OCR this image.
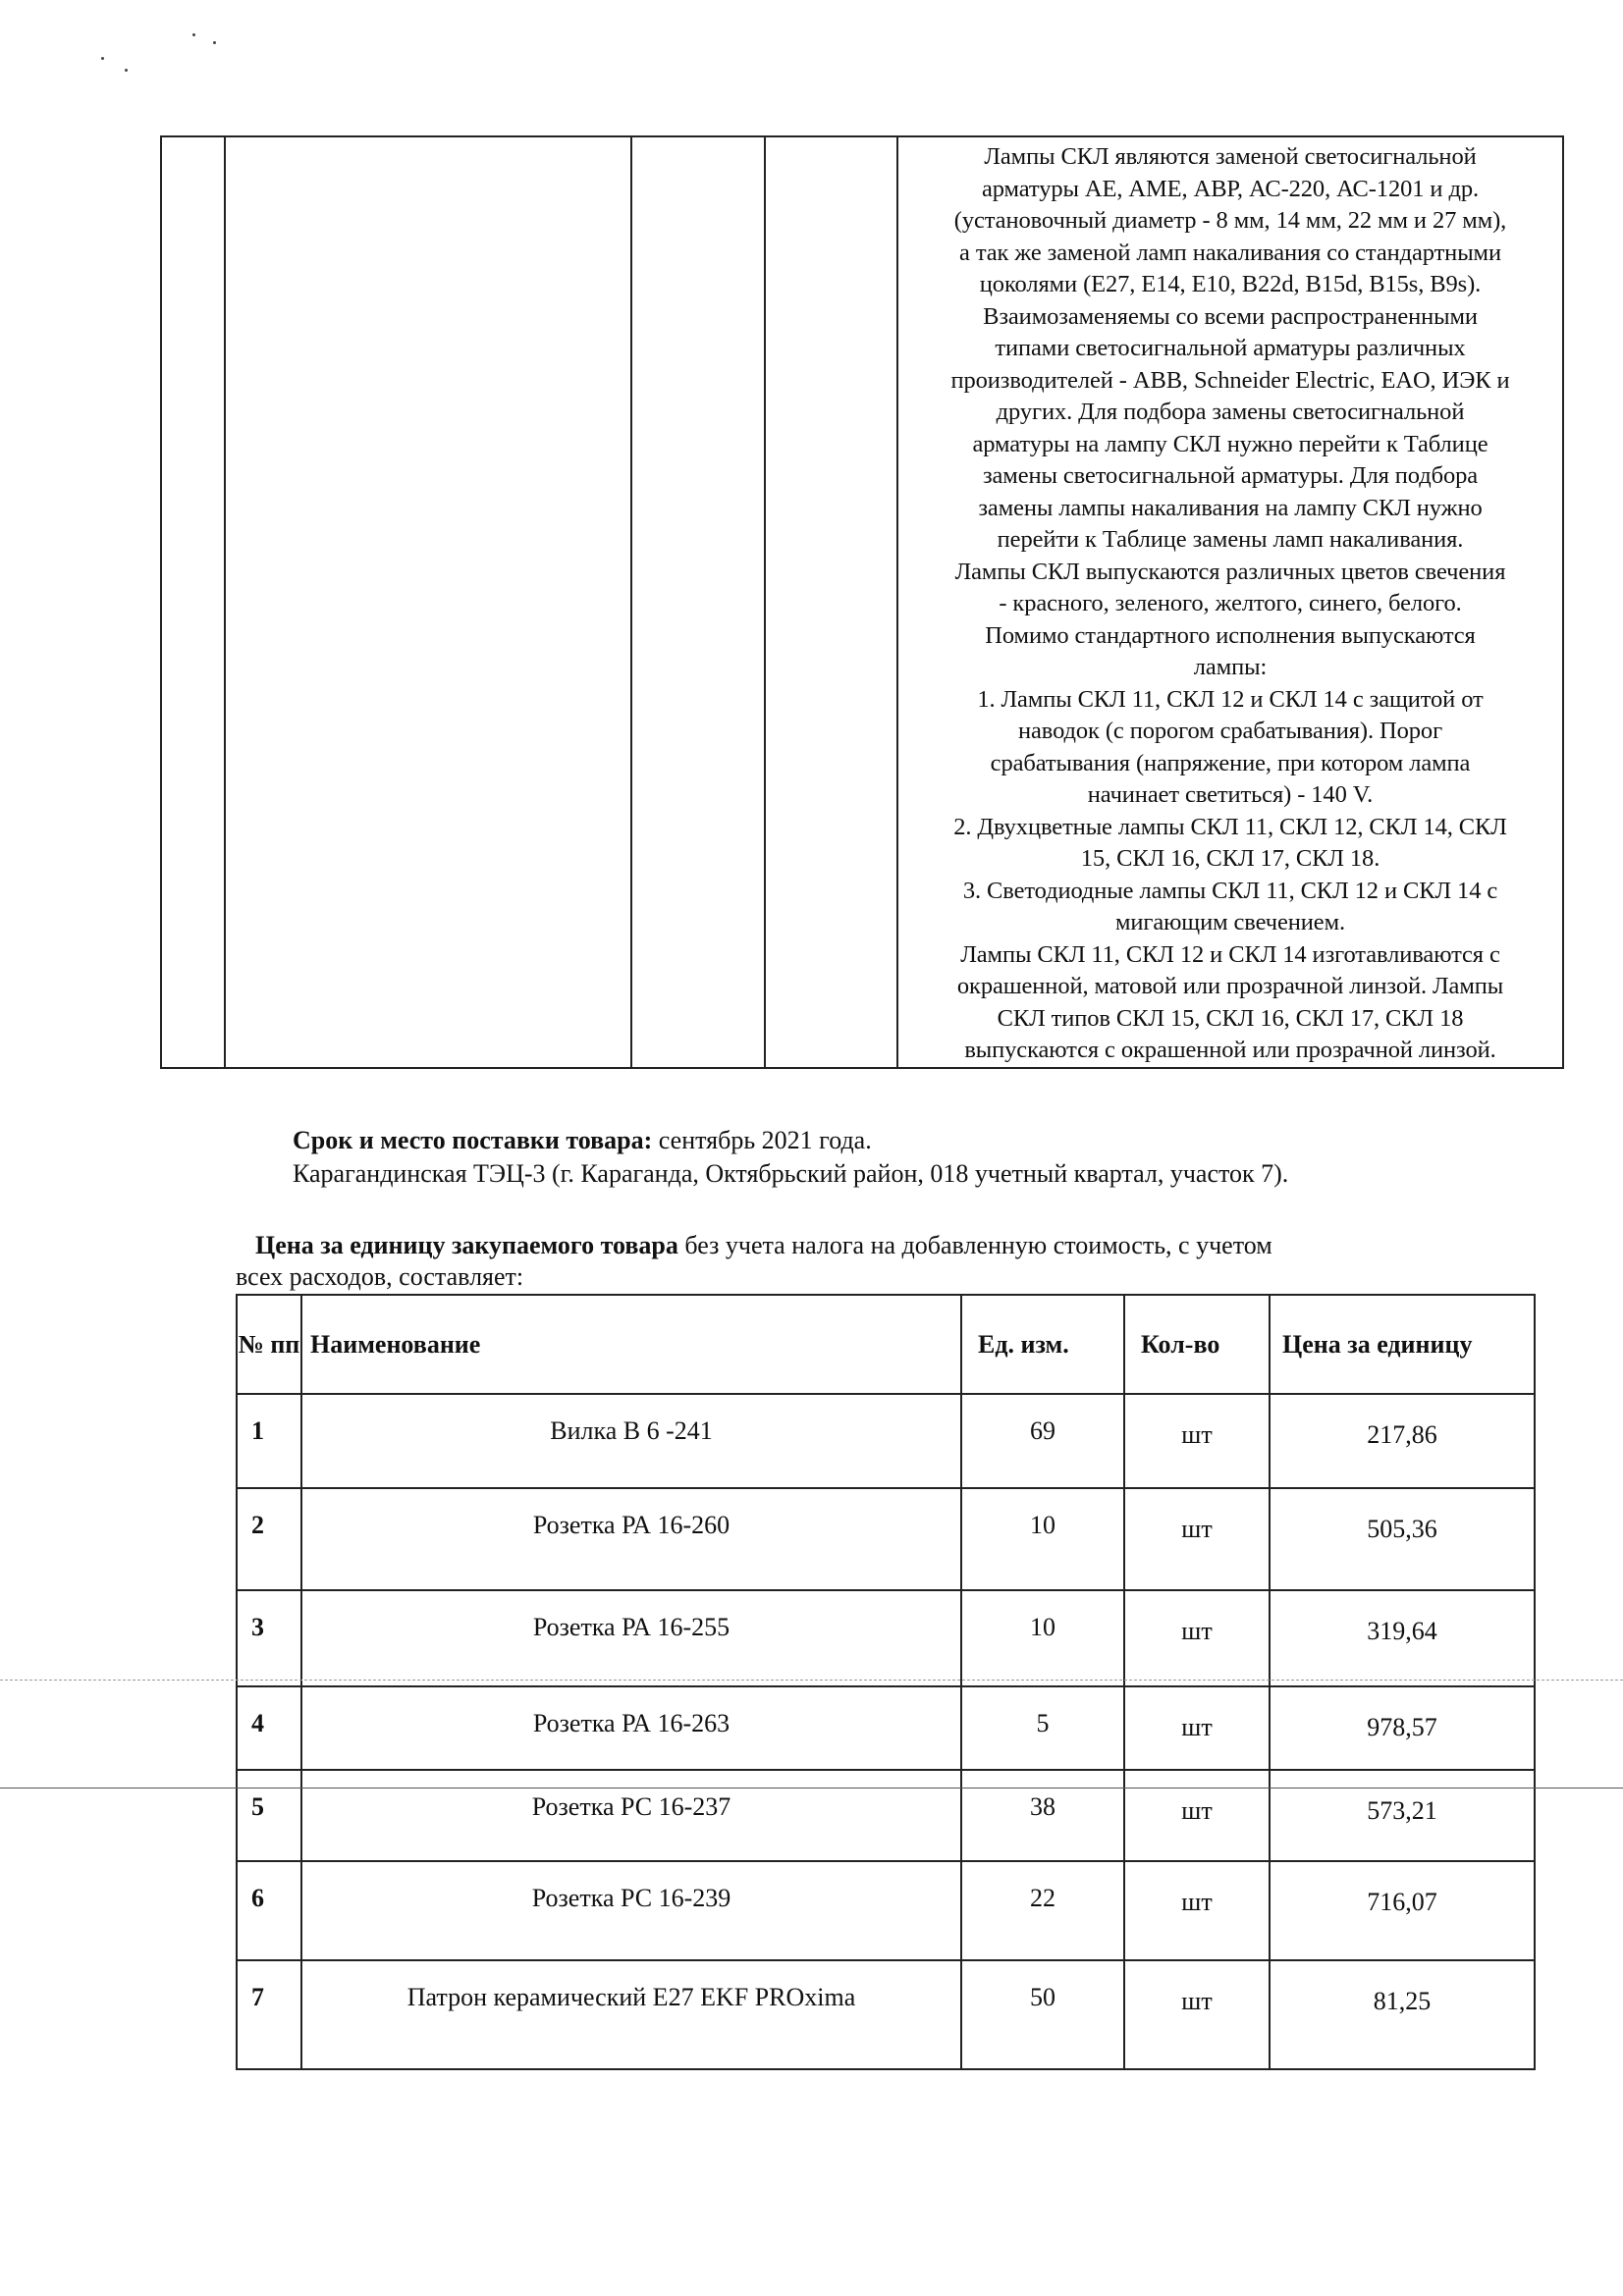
Лампы СКЛ являются заменой светосигнальной
арматуры АЕ, АМЕ, АВР, АС-220, АС-1201 и др.
(установочный диаметр - 8 мм, 14 мм, 22 мм и 27 мм),
а так же заменой ламп накаливания со стандартными
цоколями (E27, E14, E10, B22d, B15d, B15s, B9s).
Взаимозаменяемы со всеми распространенными
типами светосигнальной арматуры различных
производителей - ABB, Schneider Electric, EAO, ИЭК и
других. Для подбора замены светосигнальной
арматуры на лампу СКЛ нужно перейти к Таблице
замены светосигнальной арматуры. Для подбора
замены лампы накаливания на лампу СКЛ нужно
перейти к Таблице замены ламп накаливания.
Лампы СКЛ выпускаются различных цветов свечения
- красного, зеленого, желтого, синего, белого.
Помимо стандартного исполнения выпускаются
лампы:
1. Лампы СКЛ 11, СКЛ 12 и СКЛ 14 с защитой от
наводок (с порогом срабатывания). Порог
срабатывания (напряжение, при котором лампа
начинает светиться) - 140 V.
2. Двухцветные лампы СКЛ 11, СКЛ 12, СКЛ 14, СКЛ
15, СКЛ 16, СКЛ 17, СКЛ 18.
3. Светодиодные лампы СКЛ 11, СКЛ 12 и СКЛ 14 с
мигающим свечением.
Лампы СКЛ 11, СКЛ 12 и СКЛ 14 изготавливаются с
окрашенной, матовой или прозрачной линзой. Лампы
СКЛ типов СКЛ 15, СКЛ 16, СКЛ 17, СКЛ 18
выпускаются с окрашенной или прозрачной линзой.
Срок и место поставки товара: сентябрь 2021 года.
Карагандинская ТЭЦ-3 (г. Караганда, Октябрьский район, 018 учетный квартал, участок 7).
Цена за единицу закупаемого товара без учета налога на добавленную стоимость, с учетом
всех расходов, составляет:
№ пп	Наименование	Ед. изм.	Кол-во	Цена за единицу
1	Вилка В 6 -241	69	шт	217,86
2	Розетка РА 16-260	10	шт	505,36
3	Розетка РА 16-255	10	шт	319,64
4	Розетка РА 16-263	5	шт	978,57
5	Розетка РС 16-237	38	шт	573,21
6	Розетка РС 16-239	22	шт	716,07
7	Патрон керамический Е27 EKF PROxima	50	шт	81,25
